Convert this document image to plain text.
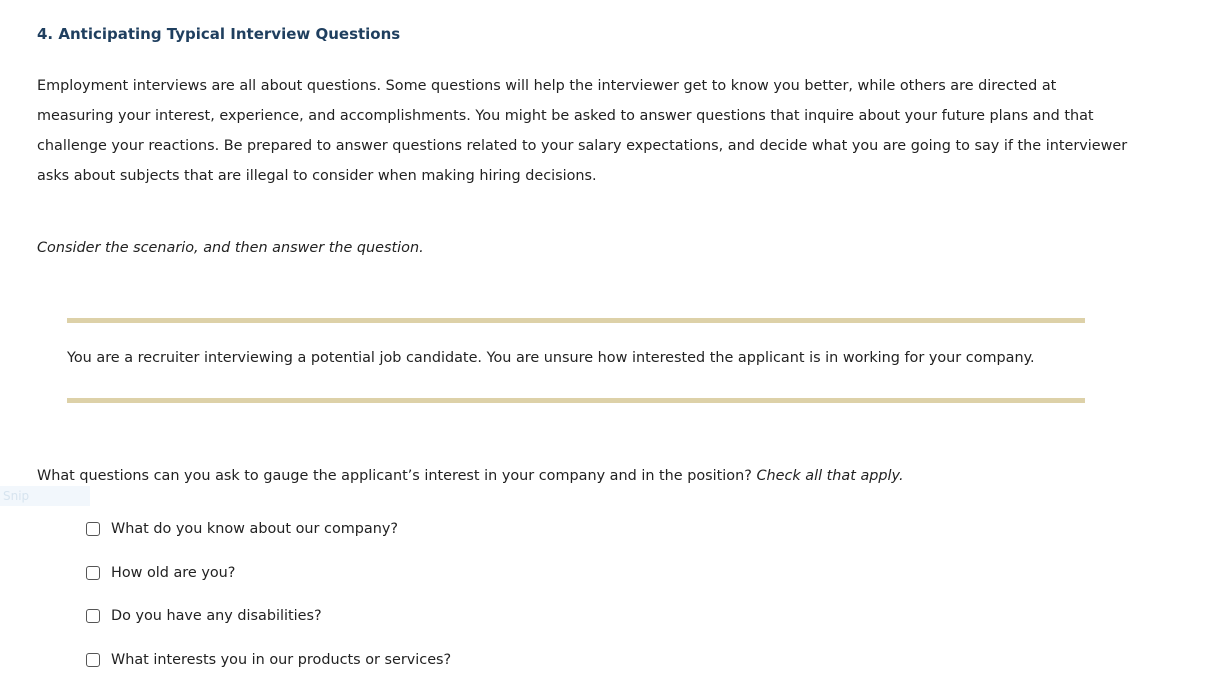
4. Anticipating Typical Interview Questions

Employment interviews are all about questions. Some questions will help the interviewer get to know you better, while others are directed at
measuring your interest, experience, and accomplishments. You might be asked to answer questions that inquire about your future plans and that
challenge your reactions. Be prepared to answer questions related to your salary expectations, and decide what you are going to say if the interviewer
asks about subjects that are illegal to consider when making hiring decisions.

Consider the scenario, and then answer the question.

You are a recruiter interviewing a potential job candidate. You are unsure how interested the applicant is in working for your company.

What questions can you ask to gauge the applicant’s interest in your company and in the position? Check all that apply.

Snip
What do you know about our company?
How old are you?
Do you have any disabilities?
What interests you in our products or services?
